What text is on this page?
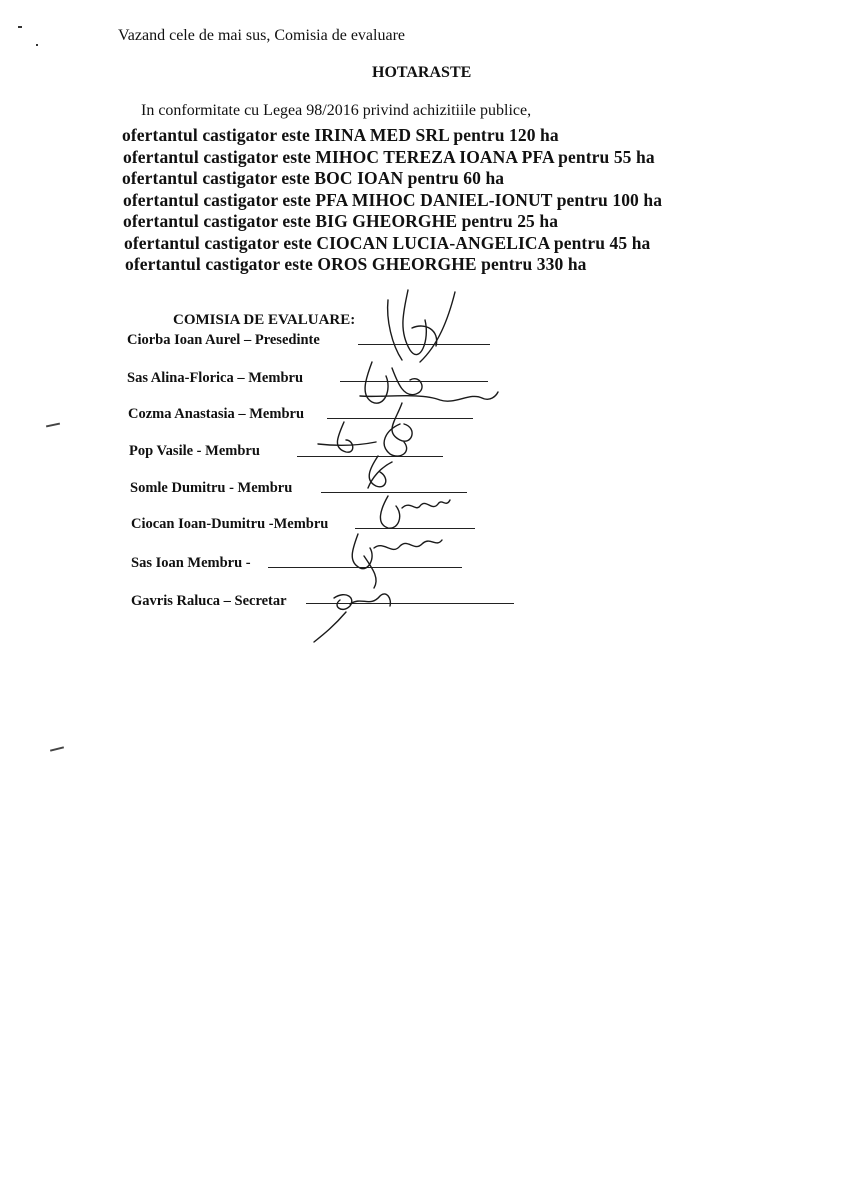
Vazand cele de mai sus, Comisia de evaluare
HOTARASTE
In conformitate cu Legea 98/2016 privind achizitiile publice,
ofertantul castigator este IRINA MED SRL pentru 120 ha
ofertantul castigator este MIHOC TEREZA IOANA PFA pentru 55 ha
ofertantul castigator este BOC IOAN pentru 60 ha
ofertantul castigator este PFA MIHOC DANIEL-IONUT pentru 100 ha
ofertantul castigator este BIG GHEORGHE pentru 25 ha
ofertantul castigator este CIOCAN LUCIA-ANGELICA pentru 45 ha
ofertantul castigator este OROS GHEORGHE pentru 330 ha
COMISIA DE EVALUARE:
Ciorba Ioan Aurel – Presedinte
Sas Alina-Florica – Membru
Cozma Anastasia – Membru
Pop Vasile - Membru
Somle Dumitru - Membru
Ciocan Ioan-Dumitru -Membru
Sas Ioan Membru -
Gavris Raluca – Secretar
